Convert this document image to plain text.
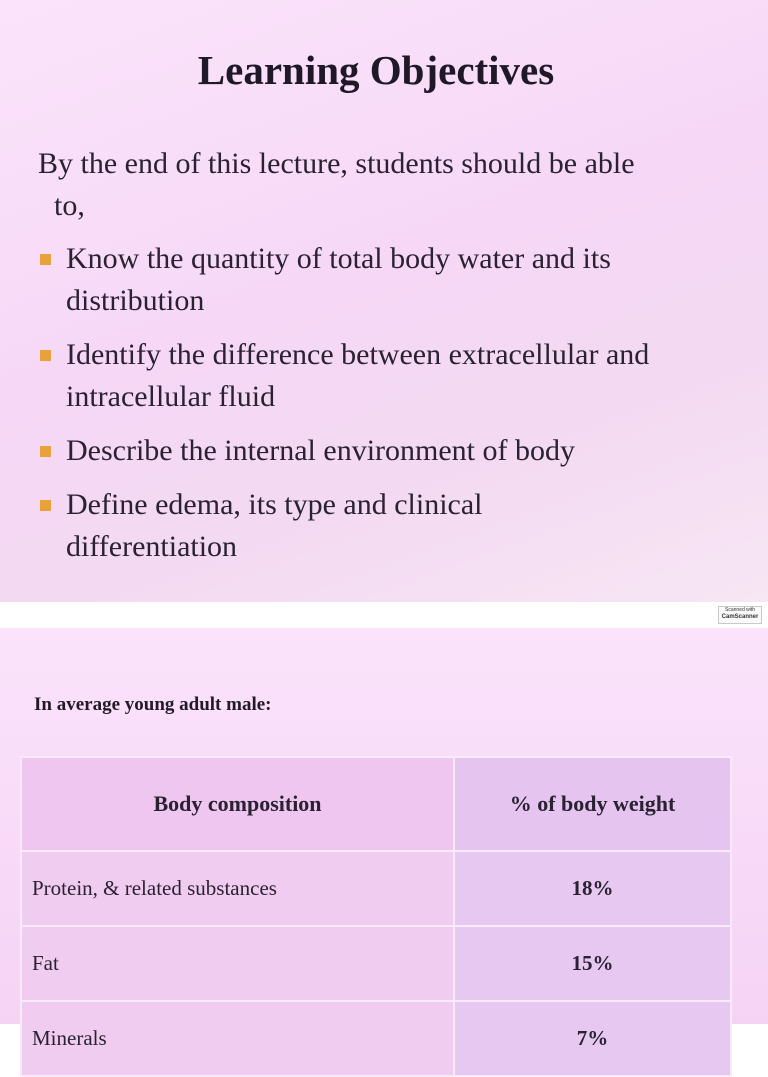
Learning Objectives
By the end of this lecture, students should be able
to,
Know the quantity of total body water and its
distribution
Identify the difference between extracellular and
intracellular fluid
Describe the internal environment of body
Define edema, its type and clinical
differentiation
Scanned with
CamScanner
In average young adult male:
Body composition	% of body weight
Protein, & related substances	18%
Fat	15%
Minerals	7%
